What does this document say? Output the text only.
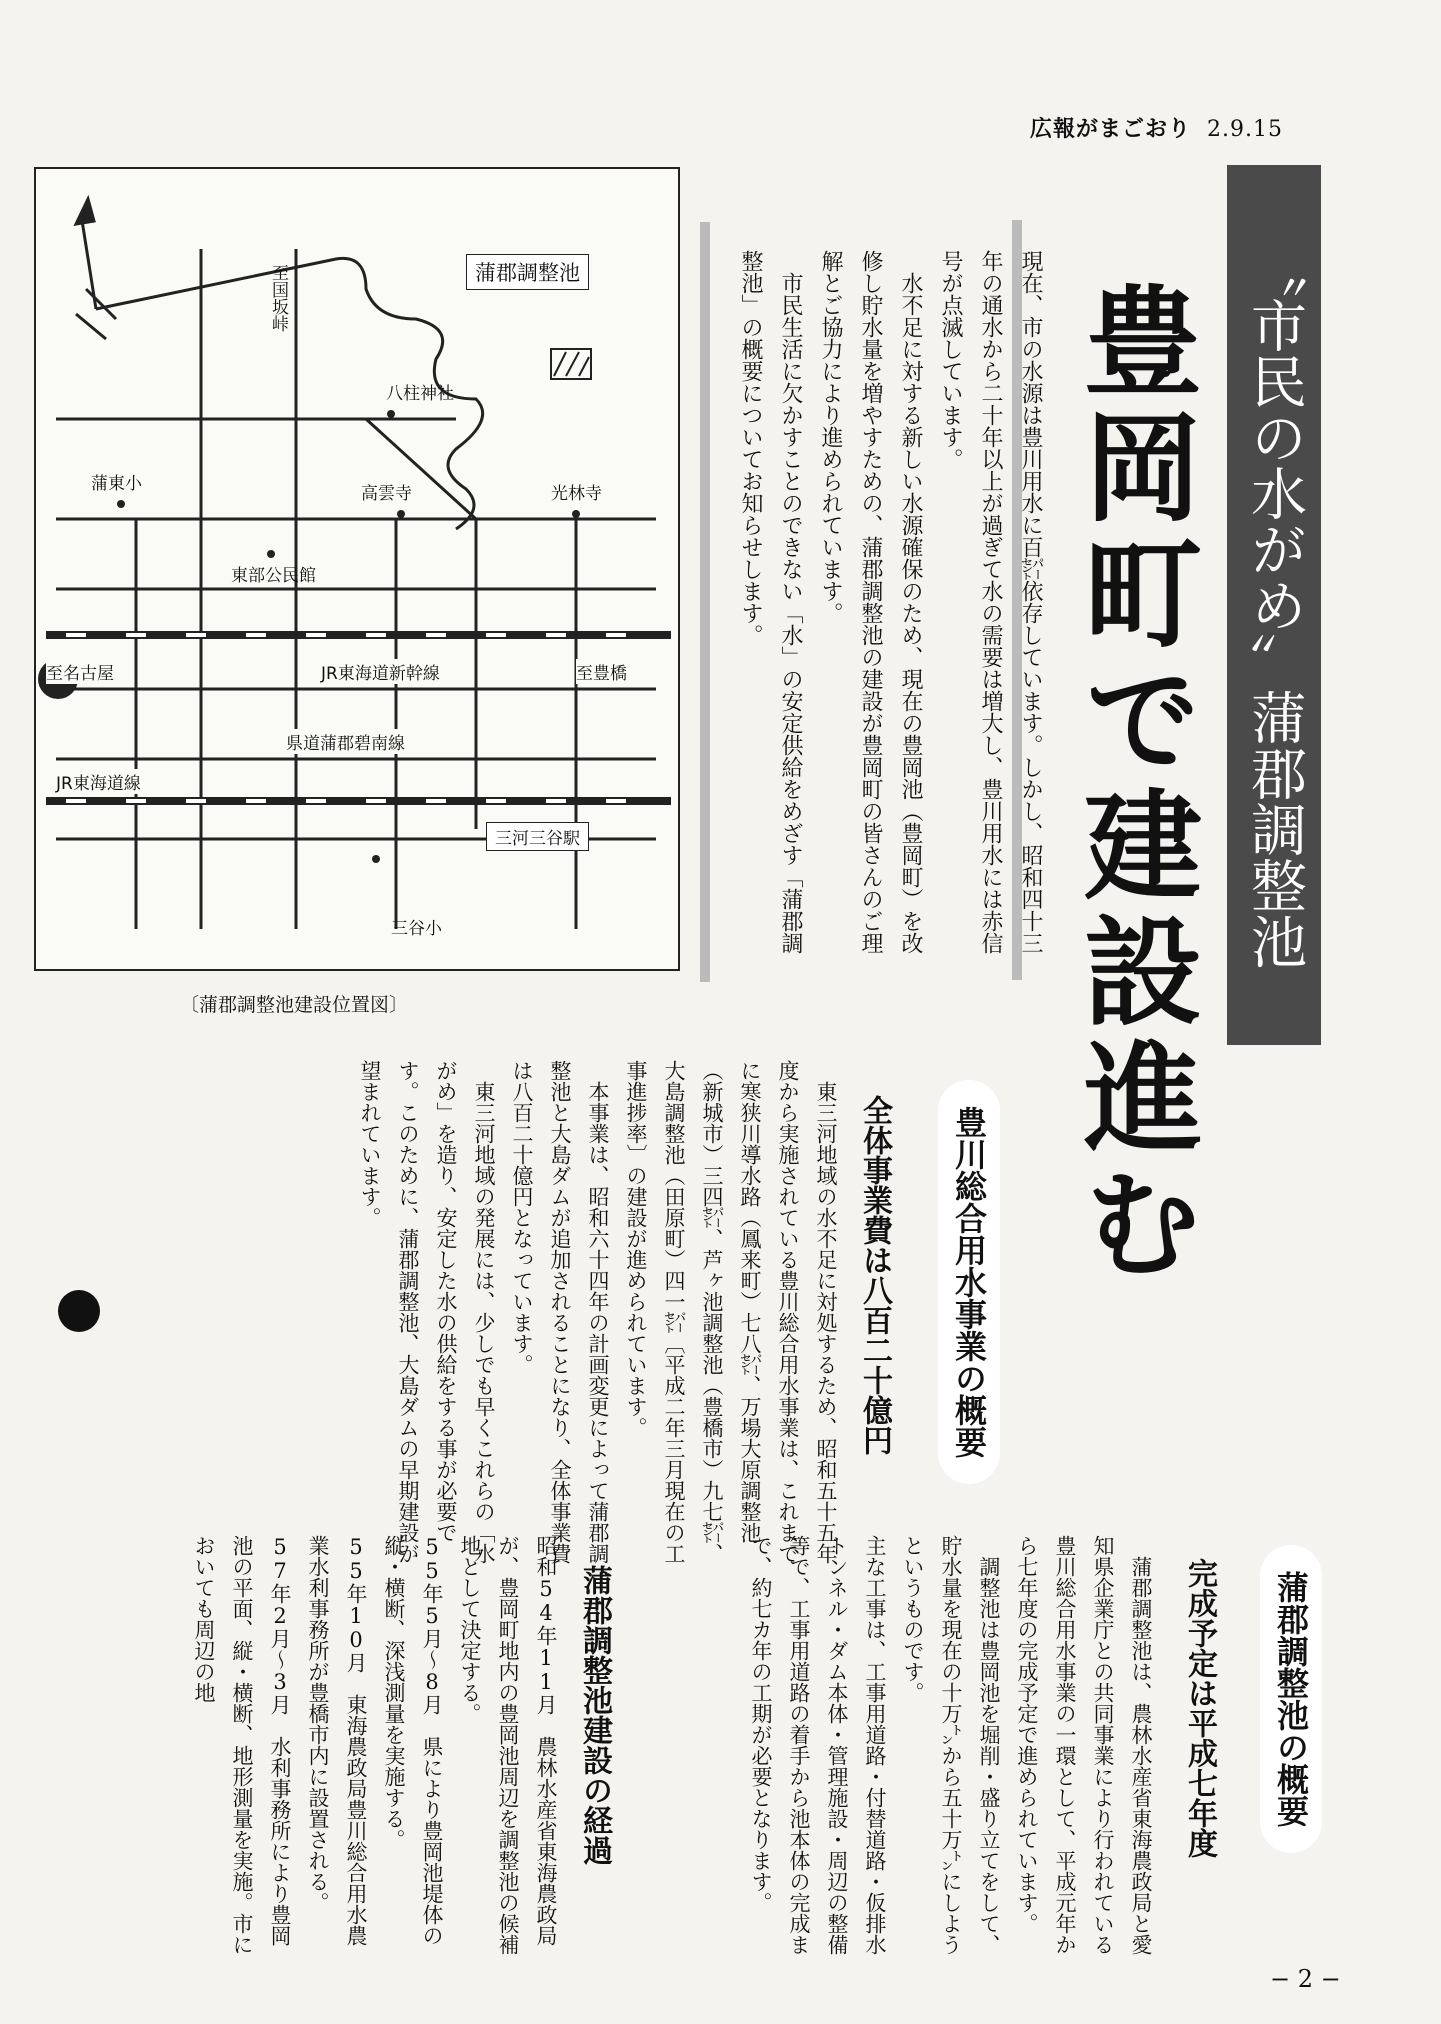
広報がまごおり 2.9.15
蒲郡調整池
至国坂峠
八柱神社
蒲東小	高雲寺	光林寺
東部公民館
至名古屋	JR東海道新幹線	至豊橋
県道蒲郡碧南線
JR東海道線
三河三谷駅
三谷小
〔蒲郡調整池建設位置図〕
〝市民の水がめ〟蒲郡調整池
豊岡町で建設進む

現在、市の水源は豊川用水に百㌫依存しています。しかし、昭和四十三年の通水から二十年以上が過ぎて水の需要は増大し、豊川用水には赤信号が点滅しています。

水不足に対する新しい水源確保のため、現在の豊岡池（豊岡町）を改修し貯水量を増やすための、蒲郡調整池の建設が豊岡町の皆さんのご理解とご協力により進められています。

市民生活に欠かすことのできない「水」の安定供給をめざす「蒲郡調整池」の概要についてお知らせします。

豊川総合用水事業の概要
全体事業費は八百二十億円

東三河地域の水不足に対処するため、昭和五十五年度から実施されている豊川総合用水事業は、これまでに寒狭川導水路（鳳来町）七八㌫、万場大原調整池（新城市）三四㌫、芦ヶ池調整池（豊橋市）九七㌫、大島調整池（田原町）四一㌫〔平成二年三月現在の工事進捗率〕の建設が進められています。

本事業は、昭和六十四年の計画変更によって蒲郡調整池と大島ダムが追加されることになり、全体事業費は八百二十億円となっています。

東三河地域の発展には、少しでも早くこれらの「水がめ」を造り、安定した水の供給をする事が必要です。このために、蒲郡調整池、大島ダムの早期建設が望まれています。

蒲郡調整池の概要
完成予定は平成七年度

蒲郡調整池は、農林水産省東海農政局と愛知県企業庁との共同事業により行われている豊川総合用水事業の一環として、平成元年から七年度の完成予定で進められています。

調整池は豊岡池を堀削・盛り立てをして、貯水量を現在の十万㌧から五十万㌧にしようというものです。

主な工事は、工事用道路・付替道路・仮排水トンネル・ダム本体・管理施設・周辺の整備等で、工事用道路の着手から池本体の完成まで、約七カ年の工期が必要となります。

蒲郡調整池建設の経過

昭和54年11月　農林水産省東海農政局が、豊岡町地内の豊岡池周辺を調整池の候補地として決定する。

55年5月〜8月　県により豊岡池堤体の縦・横断、深浅測量を実施する。

55年10月　東海農政局豊川総合用水農業水利事務所が豊橋市内に設置される。

57年2月〜3月　水利事務所により豊岡池の平面、縦・横断、地形測量を実施。市においても周辺の地

− 2 −
